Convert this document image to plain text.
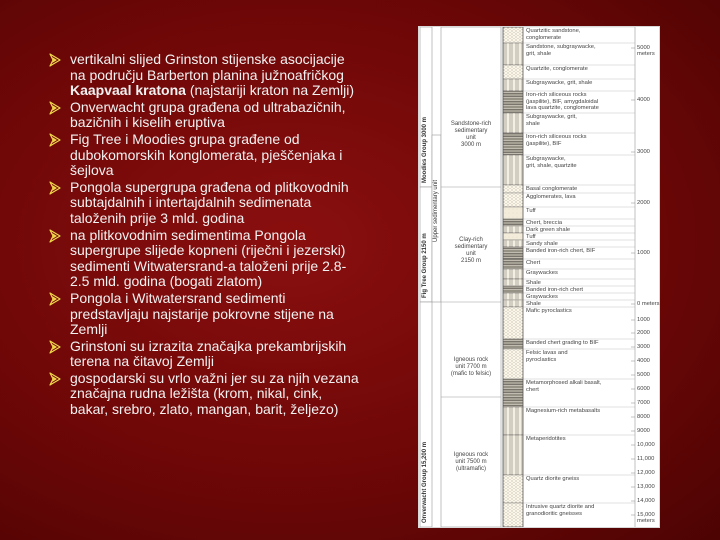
vertikalni slijed Grinston stijenske asocijacije na području Barberton planina južnoafričkog Kaapvaal kratona (najstariji kraton na Zemlji)
Onverwacht grupa građena od ultrabazičnih, bazičnih i kiselih eruptiva
Fig Tree i Moodies grupa građene od dubokomorskih konglomerata, pješčenjaka i šejlova
Pongola supergrupa građena od plitkovodnih subtajdalnih i intertajdalnih sedimenata taloženih prije 3 mld. godina
na plitkovodnim sedimentima Pongola supergrupe slijede kopneni (riječni i jezerski) sedimenti Witwatersrand-a taloženi prije 2.8-2.5 mld. godina (bogati zlatom)
Pongola i Witwatersrand sedimenti predstavljaju najstarije pokrovne stijene na Zemlji
Grinstoni su izrazita značajka prekambrijskih terena na čitavoj Zemlji
gospodarski su vrlo važni jer su za njih vezana značajna rudna ležišta (krom, nikal, cink, bakar, srebro, zlato, mangan, barit, željezo)
Moodies Group 3000 m
Fig Tree Group 2150 m
Onverwacht Group 15,200 m
Upper sedimentary unit
Sandstone-rich
sedimentary
unit
3000 m
Clay-rich
sedimentary
unit
2150 m
Igneous rock
unit 7700 m
(mafic to felsic)
Igneous rock
unit 7500 m
(ultramafic)
Quartzitic sandstone,
conglomerate
Sandstone, subgraywacke,
grit, shale
Quartzite, conglomerate
Subgraywacke, grit, shale
Iron-rich siliceous rocks
(jaspilite), BIF, amygdaloidal
lava quartzite, conglomerate
Subgraywacke, grit,
shale
Iron-rich siliceous rocks
(jaspilite), BIF
Subgraywacke,
grit, shale, quartzite
Basal conglomerate
Agglomerates, lava
Tuff
Chert, breccia
Dark green shale
Tuff
Sandy shale
Banded iron-rich chert, BIF
Chert
Graywackes
Shale
Banded iron-rich chert
Graywackes
Shale
Mafic pyroclastics
Banded chert grading to BIF
Felsic lavas and
pyroclastics
Metamorphosed alkali basalt,
chert
Magnesium-rich metabasalts
Metaperidotites
Quartz diorite gneiss
Intrusive quartz diorite and
granodioritic gneisses
5000
meters
4000
3000
2000
1000
0 meters
1000
2000
3000
4000
5000
6000
7000
8000
9000
10,000
11,000
12,000
13,000
14,000
15,000
meters
